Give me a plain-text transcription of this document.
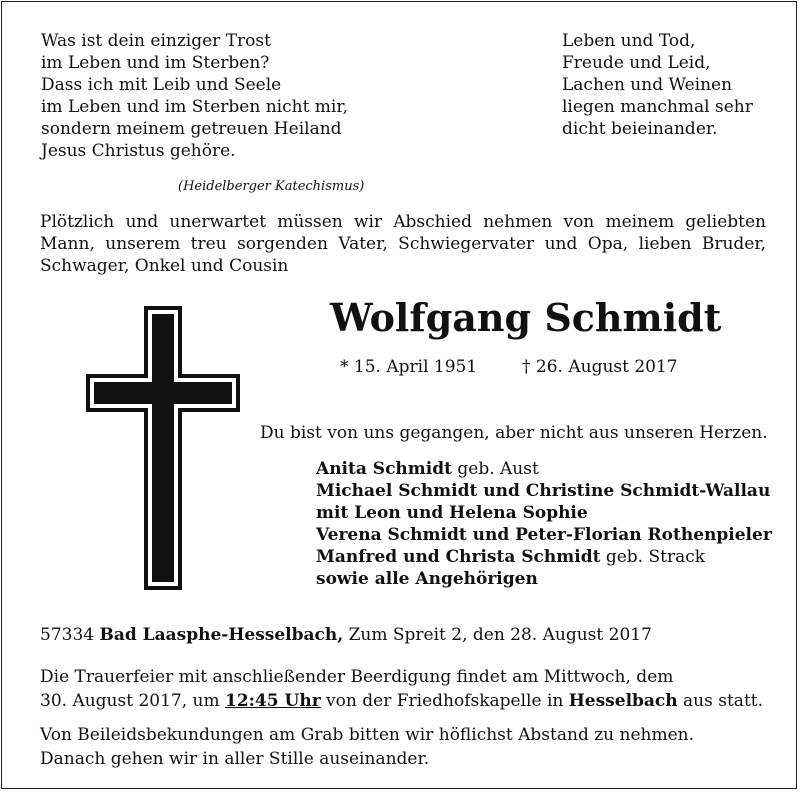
Was ist dein einziger Trost
im Leben und im Sterben?
Dass ich mit Leib und Seele
im Leben und im Sterben nicht mir,
sondern meinem getreuen Heiland
Jesus Christus gehöre.
(Heidelberger Katechismus)
Leben und Tod,
Freude und Leid,
Lachen und Weinen
liegen manchmal sehr
dicht beieinander.
Plötzlich und unerwartet müssen wir Abschied nehmen von meinem geliebten
Mann, unserem treu sorgenden Vater, Schwiegervater und Opa, lieben Bruder,
Schwager, Onkel und Cousin
Wolfgang Schmidt
* 15. April 1951	† 26. August 2017
Du bist von uns gegangen, aber nicht aus unseren Herzen.
Anita Schmidt geb. Aust
Michael Schmidt und Christine Schmidt-Wallau
mit Leon und Helena Sophie
Verena Schmidt und Peter-Florian Rothenpieler
Manfred und Christa Schmidt geb. Strack
sowie alle Angehörigen
57334 Bad Laasphe-Hesselbach, Zum Spreit 2, den 28. August 2017
Die Trauerfeier mit anschließender Beerdigung findet am Mittwoch, dem
30. August 2017, um 12:45 Uhr von der Friedhofskapelle in Hesselbach aus statt.
Von Beileidsbekundungen am Grab bitten wir höflichst Abstand zu nehmen.
Danach gehen wir in aller Stille auseinander.
